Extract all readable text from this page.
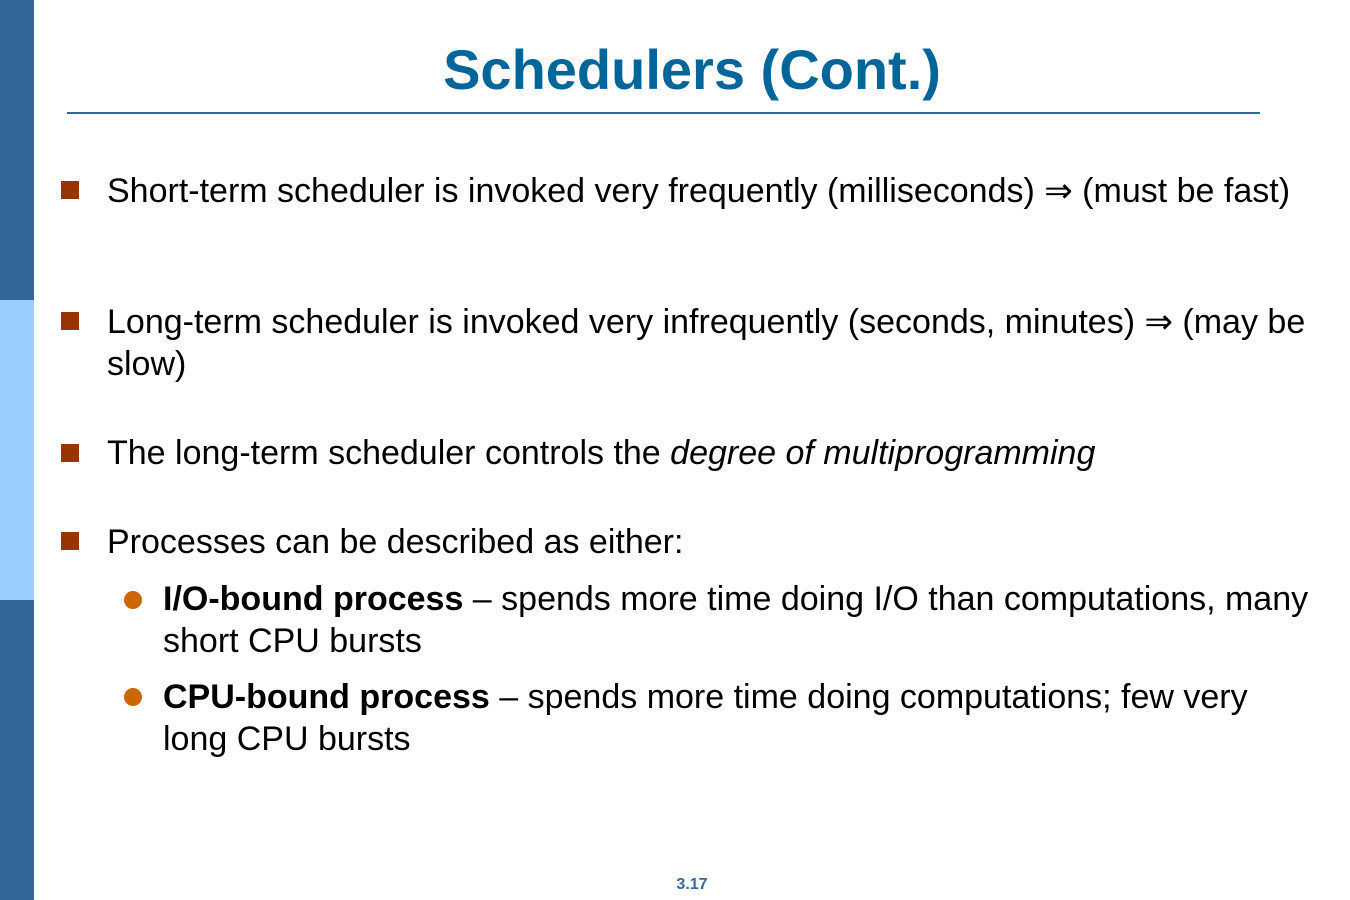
Schedulers (Cont.)
Short-term scheduler is invoked very frequently (milliseconds) ⇒ (must be fast)
Long-term scheduler is invoked very infrequently (seconds, minutes) ⇒ (may be slow)
The long-term scheduler controls the degree of multiprogramming
Processes can be described as either:
I/O-bound process – spends more time doing I/O than computations, many short CPU bursts
CPU-bound process – spends more time doing computations; few very long CPU bursts
3.17
